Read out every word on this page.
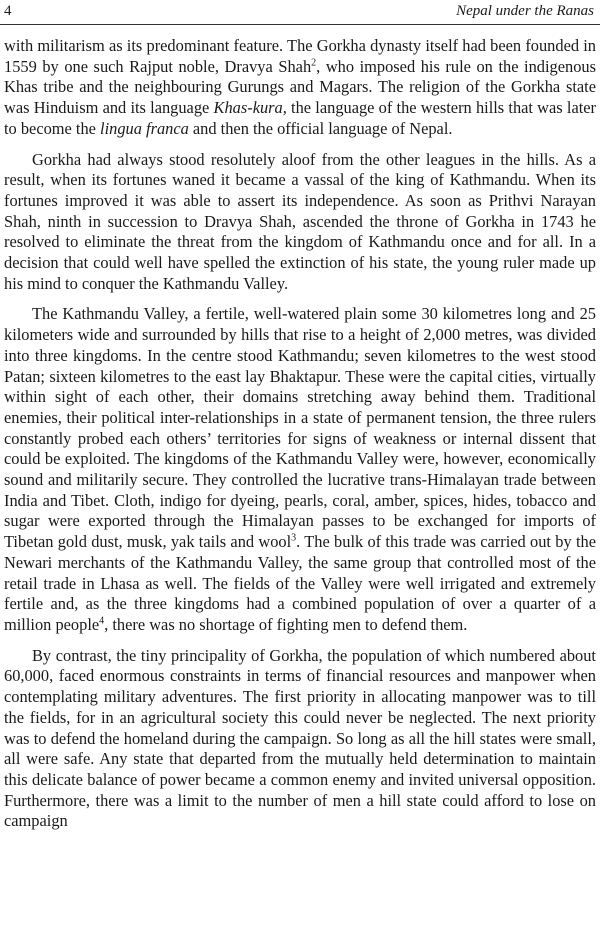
4	Nepal under the Ranas

with militarism as its predominant feature. The Gorkha dynasty itself had been founded in 1559 by one such Rajput noble, Dravya Shah$^2$, who imposed his rule on the indigenous Khas tribe and the neighbouring Gurungs and Magars. The religion of the Gorkha state was Hinduism and its language Khas-kura, the language of the western hills that was later to become the lingua franca and then the official language of Nepal.

Gorkha had always stood resolutely aloof from the other leagues in the hills. As a result, when its fortunes waned it became a vassal of the king of Kathmandu. When its fortunes improved it was able to assert its independence. As soon as Prithvi Narayan Shah, ninth in succession to Dravya Shah, ascended the throne of Gorkha in 1743 he resolved to eliminate the threat from the kingdom of Kathmandu once and for all. In a decision that could well have spelled the extinction of his state, the young ruler made up his mind to conquer the Kathmandu Valley.

The Kathmandu Valley, a fertile, well-watered plain some 30 kilometres long and 25 kilometers wide and surrounded by hills that rise to a height of 2,000 metres, was divided into three kingdoms. In the centre stood Kathmandu; seven kilometres to the west stood Patan; sixteen kilometres to the east lay Bhaktapur. These were the capital cities, virtually within sight of each other, their domains stretching away behind them. Traditional enemies, their political inter-relationships in a state of permanent tension, the three rulers constantly probed each others’ territories for signs of weakness or internal dissent that could be exploited. The kingdoms of the Kathmandu Valley were, however, economically sound and militarily secure. They controlled the lucrative trans-Himalayan trade between India and Tibet. Cloth, indigo for dyeing, pearls, coral, amber, spices, hides, tobacco and sugar were exported through the Himalayan passes to be exchanged for imports of Tibetan gold dust, musk, yak tails and wool$^3$. The bulk of this trade was carried out by the Newari merchants of the Kathmandu Valley, the same group that controlled most of the retail trade in Lhasa as well. The fields of the Valley were well irrigated and extremely fertile and, as the three kingdoms had a combined population of over a quarter of a million people$^4$, there was no shortage of fighting men to defend them.

By contrast, the tiny principality of Gorkha, the population of which numbered about 60,000, faced enormous constraints in terms of financial resources and manpower when contemplating military adventures. The first priority in allocating manpower was to till the fields, for in an agricultural society this could never be neglected. The next priority was to defend the homeland during the campaign. So long as all the hill states were small, all were safe. Any state that departed from the mutually held determination to maintain this delicate balance of power became a common enemy and invited universal opposition. Furthermore, there was a limit to the number of men a hill state could afford to lose on campaign
